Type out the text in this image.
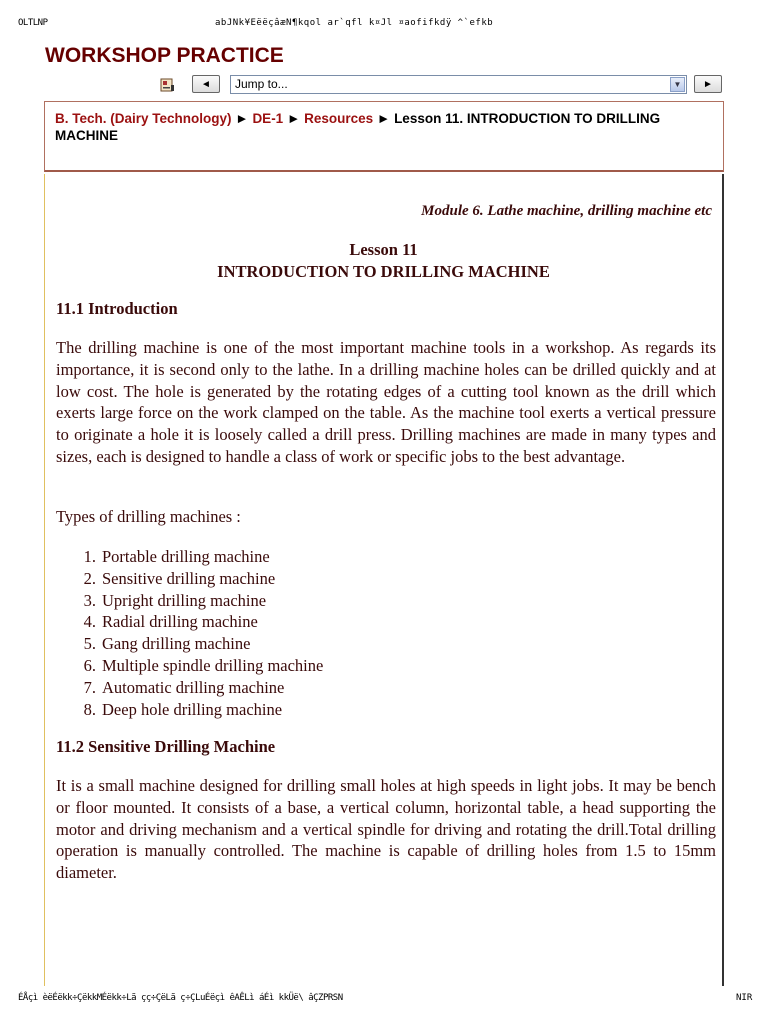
OLTLNP	abJNk¥EëëçâæN¶kqol ar`qfl k¤Jl ¤aofifkdÿ ^`efkb
WORKSHOP PRACTICE
◄	Jump to...	▼	►
B. Tech. (Dairy Technology) ► DE-1 ► Resources ► Lesson 11. INTRODUCTION TO DRILLING MACHINE
Module 6. Lathe machine, drilling machine etc
Lesson 11
INTRODUCTION TO DRILLING MACHINE
11.1 Introduction
The drilling machine is one of the most important machine tools in a workshop. As regards its importance, it is second only to the lathe. In a drilling machine holes can be drilled quickly and at low cost. The hole is generated by the rotating edges of a cutting tool known as the drill which exerts large force on the work clamped on the table. As the machine tool exerts a vertical pressure to originate a hole it is loosely called a drill press. Drilling machines are made in many types and sizes, each is designed to handle a class of work or specific jobs to the best advantage.
Types of drilling machines :
1. Portable drilling machine
2. Sensitive drilling machine
3. Upright drilling machine
4. Radial drilling machine
5. Gang drilling machine
6. Multiple spindle drilling machine
7. Automatic drilling machine
8. Deep hole drilling machine
11.2 Sensitive Drilling Machine
It is a small machine designed for drilling small holes at high speeds in light jobs. It may be bench or floor mounted. It consists of a base, a vertical column, horizontal table, a head supporting the motor and driving mechanism and a vertical spindle for driving and rotating the drill.Total drilling operation is manually controlled. The machine is capable of drilling holes from 1.5 to 15mm diameter.
ÉÅçì èëÉëkk÷ÇëkkMÉëkk÷Lã çç÷ÇëLã ç÷ÇLuÉëçì êAÊLì áÉì kkÜë\ âÇZPRSN	NIR
